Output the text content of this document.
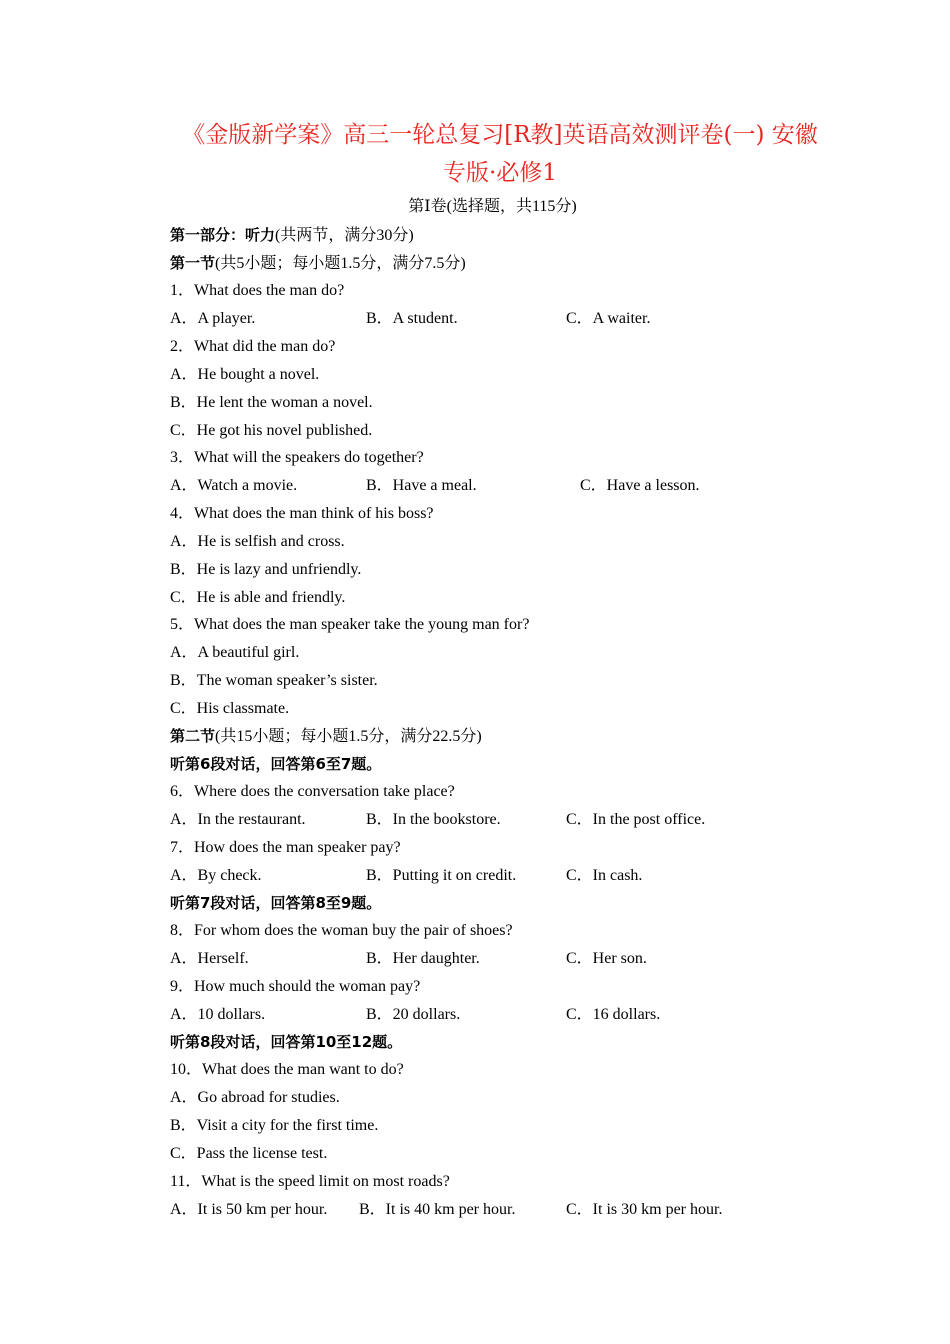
《金版新学案》高三一轮总复习[R教]英语高效测评卷(一) 安徽
专版·必修1
第Ⅰ卷(选择题，共115分)
第一部分：听力(共两节，满分30分)
第一节(共5小题；每小题1.5分，满分7.5分)
1．What does the man do?
A．A player.	B．A student.	C．A waiter.
2．What did the man do?
A．He bought a novel.
B．He lent the woman a novel.
C．He got his novel published.
3．What will the speakers do together?
A．Watch a movie.	B．Have a meal.	C．Have a lesson.
4．What does the man think of his boss?
A．He is selfish and cross.
B．He is lazy and unfriendly.
C．He is able and friendly.
5．What does the man speaker take the young man for?
A．A beautiful girl.
B．The woman speaker’s sister.
C．His classmate.
第二节(共15小题；每小题1.5分，满分22.5分)
听第6段对话，回答第6至7题。
6．Where does the conversation take place?
A．In the restaurant.	B．In the bookstore.	C．In the post office.
7．How does the man speaker pay?
A．By check.	B．Putting it on credit.	C．In cash.
听第7段对话，回答第8至9题。
8．For whom does the woman buy the pair of shoes?
A．Herself.	B．Her daughter.	C．Her son.
9．How much should the woman pay?
A．10 dollars.	B．20 dollars.	C．16 dollars.
听第8段对话，回答第10至12题。
10．What does the man want to do?
A．Go abroad for studies.
B．Visit a city for the first time.
C．Pass the license test.
11．What is the speed limit on most roads?
A．It is 50 km per hour. B．It is 40 km per hour.	C．It is 30 km per hour.
